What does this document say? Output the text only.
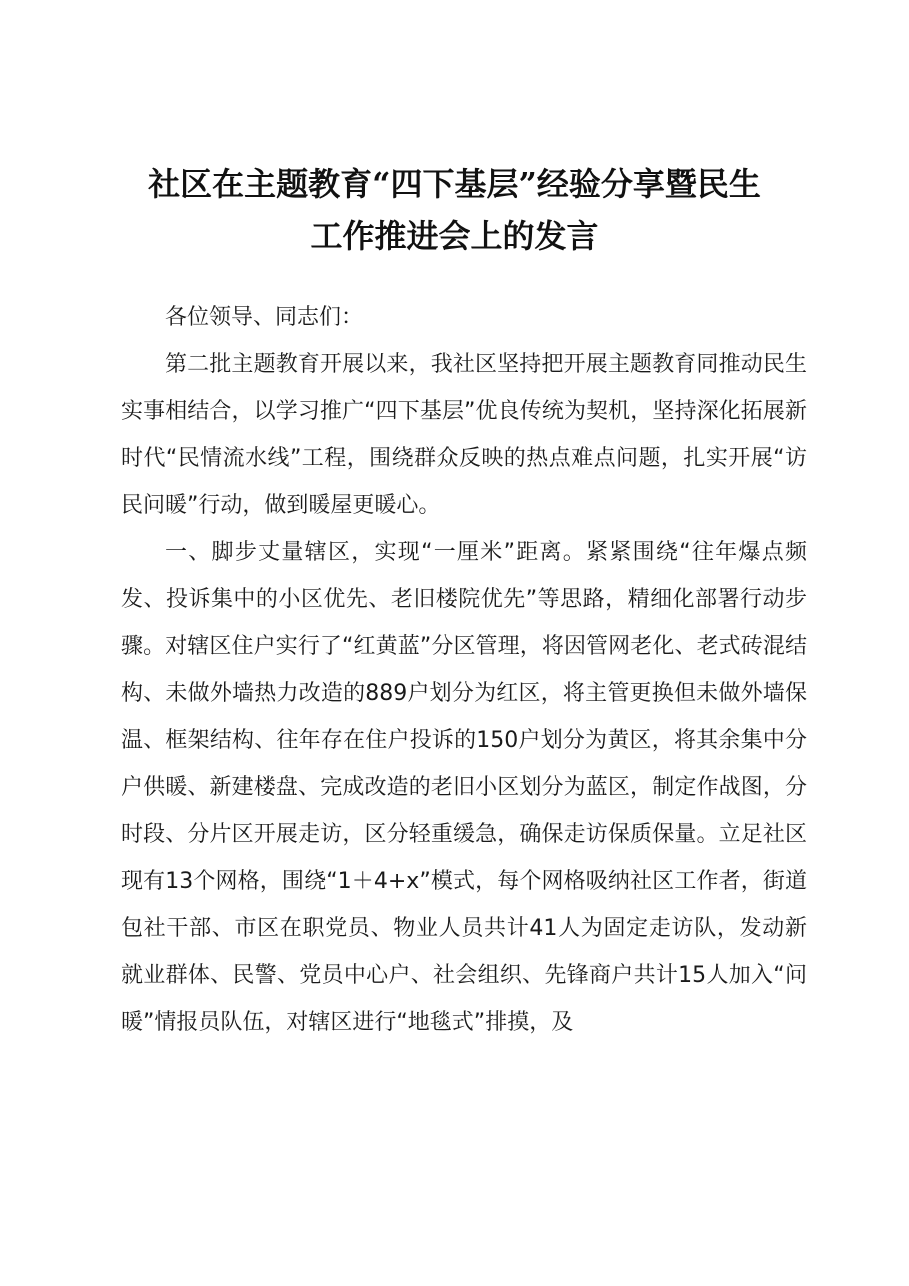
社区在主题教育“四下基层”经验分享暨民生
工作推进会上的发言

各位领导、同志们：

第二批主题教育开展以来，我社区坚持把开展主题教育同推动民生实事相结合，以学习推广“四下基层”优良传统为契机，坚持深化拓展新时代“民情流水线”工程，围绕群众反映的热点难点问题，扎实开展“访民问暖”行动，做到暖屋更暖心。

一、脚步丈量辖区，实现“一厘米”距离。紧紧围绕“往年爆点频发、投诉集中的小区优先、老旧楼院优先”等思路，精细化部署行动步骤。对辖区住户实行了“红黄蓝”分区管理，将因管网老化、老式砖混结构、未做外墙热力改造的889户划分为红区，将主管更换但未做外墙保温、框架结构、往年存在住户投诉的150户划分为黄区，将其余集中分户供暖、新建楼盘、完成改造的老旧小区划分为蓝区，制定作战图，分时段、分片区开展走访，区分轻重缓急，确保走访保质保量。立足社区现有13个网格，围绕“1＋4+x”模式，每个网格吸纳社区工作者，街道包社干部、市区在职党员、物业人员共计41人为固定走访队，发动新就业群体、民警、党员中心户、社会组织、先锋商户共计15人加入“问暖”情报员队伍，对辖区进行“地毯式”排摸，及
